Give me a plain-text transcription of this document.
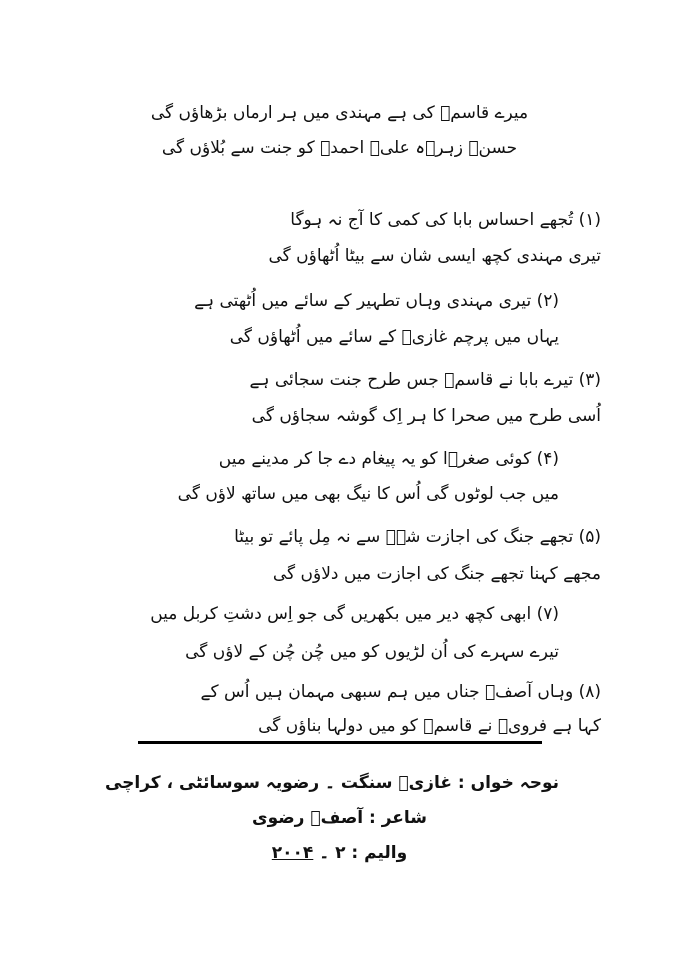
میرے قاسمؑ کی ہے مہندی میں ہر ارماں بڑھاؤں گی
حسنؑ زہرؑہ علیؑ احمدؐ کو جنت سے بُلاؤں گی
(۱) تُجھے احساس بابا کی کمی کا آج نہ ہوگا
تیری مہندی کچھ ایسی شان سے بیٹا اُٹھاؤں گی
(۲) تیری مہندی وہاں تطہیر کے سائے میں اُٹھتی ہے
یہاں میں پرچم غازیؑ کے سائے میں اُٹھاؤں گی
(۳) تیرے بابا نے قاسمؑ جس طرح جنت سجائی ہے
اُسی طرح میں صحرا کا ہر اِک گوشہ سجاؤں گی
(۴) کوئی صغرؑا کو یہ پیغام دے جا کر مدینے میں
میں جب لوٹوں گی اُس کا نیگ بھی میں ساتھ لاؤں گی
(۵) تجھے جنگ کی اجازت شہؑ سے نہ مِل پائے تو بیٹا
مجھے کہنا تجھے جنگ کی اجازت میں دلاؤں گی
(۷) ابھی کچھ دیر میں بکھریں گی جو اِس دشتِ کربل میں
تیرے سہرے کی اُن لڑیوں کو میں چُن چُن کے لاؤں گی
(۸) وہاں آصفؔ جناں میں ہم سبھی مہمان ہیں اُس کے
کہا ہے فرویؔ نے قاسمؑ کو میں دولہا بناؤں گی
نوحہ خواں : غازیؑ سنگت ۔ رضویہ سوسائٹی ، کراچی
شاعر : آصفؔ رضوی
والیم : ۲ ۔ ۲۰۰۴
